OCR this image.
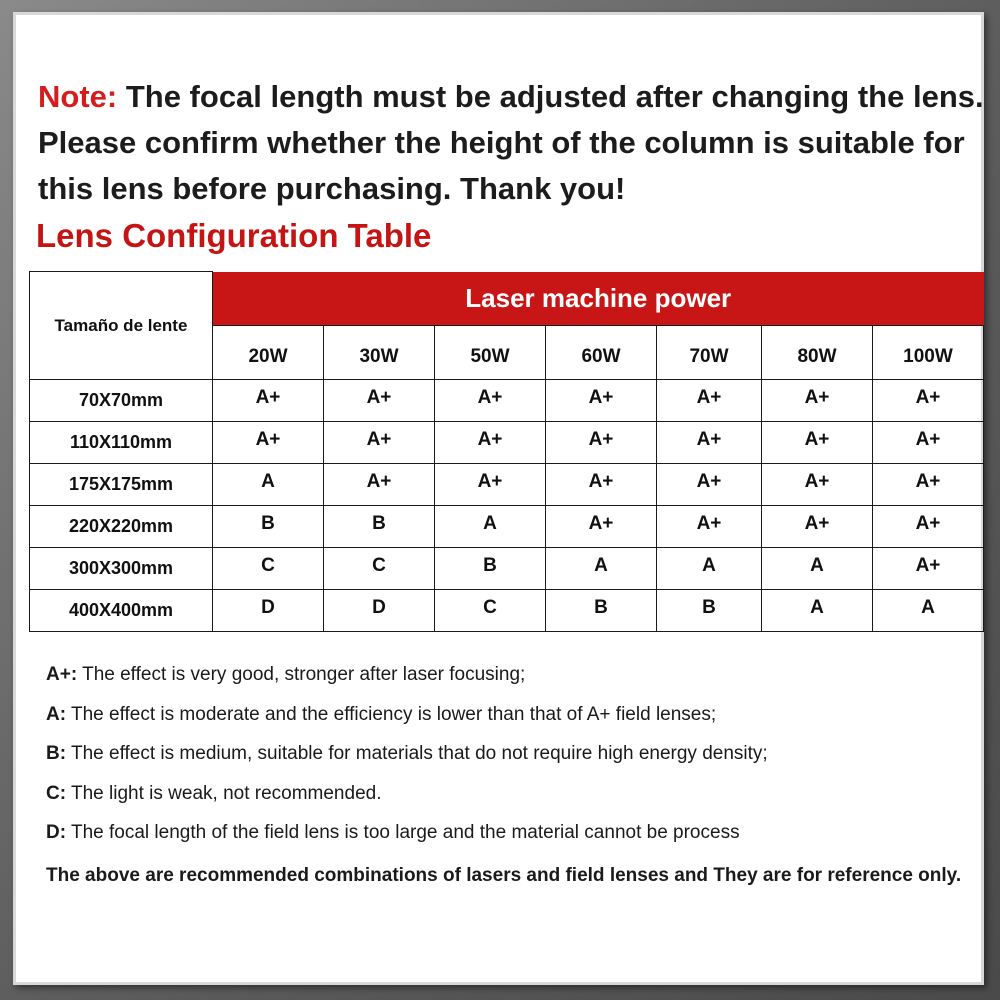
Note: The focal length must be adjusted after changing the lens. Please confirm whether the height of the column is suitable for this lens before purchasing. Thank you!
Lens Configuration Table
Tamaño de lente	Laser machine power						
	20W	30W	50W	60W	70W	80W	100W
70X70mm	A+	A+	A+	A+	A+	A+	A+
110X110mm	A+	A+	A+	A+	A+	A+	A+
175X175mm	A	A+	A+	A+	A+	A+	A+
220X220mm	B	B	A	A+	A+	A+	A+
300X300mm	C	C	B	A	A	A	A+
400X400mm	D	D	C	B	B	A	A
A+: The effect is very good, stronger after laser focusing;
A: The effect is moderate and the efficiency is lower than that of A+ field lenses;
B: The effect is medium, suitable for materials that do not require high energy density;
C: The light is weak, not recommended.
D: The focal length of the field lens is too large and the material cannot be process
The above are recommended combinations of lasers and field lenses and They are for reference only.
